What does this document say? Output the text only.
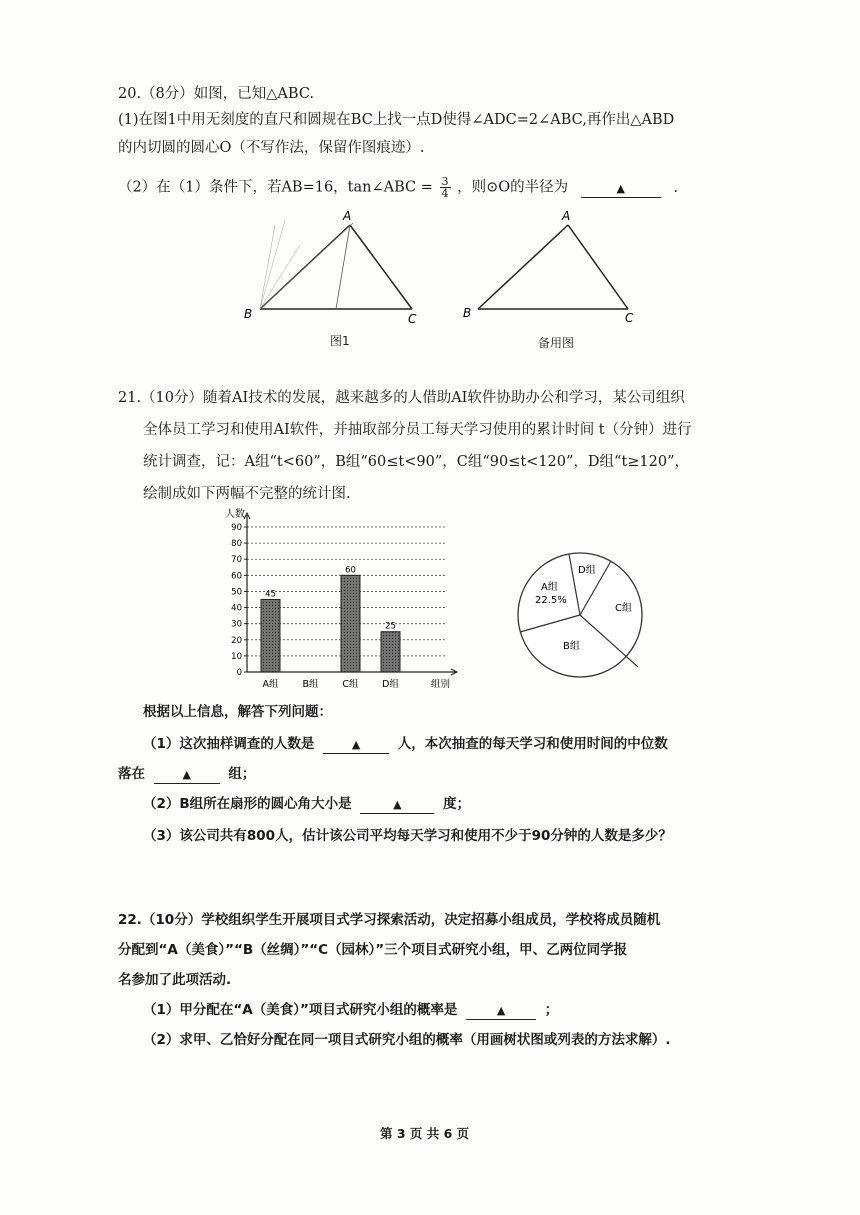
20.（8分）如图，已知△ABC.
(1)在图1中用无刻度的直尺和圆规在BC上找一点D使得∠ADC=2∠ABC,再作出△ABD
的内切圆的圆心O（不写作法，保留作图痕迹）.
（2）在（1）条件下，若AB=16，tan∠ABC = $\frac{3}{4}$ ，则⊙O的半径为	▲	.
A
B	C
图1
A
B	C
备用图
21.（10分）随着AI技术的发展，越来越多的人借助AI软件协助办公和学习，某公司组织
全体员工学习和使用AI软件，并抽取部分员工每天学习使用的累计时间 t（分钟）进行
统计调查，记：A组“t<60”，B组“60≤t<90”，C组“90≤t<120”，D组“t≥120”，
绘制成如下两幅不完整的统计图.
0
10
20
30
40
50
60
70
80
90
人数
组别
45
A组	B组
60
C组
25
D组
A组
22.5%
D组
C组
B组
根据以上信息，解答下列问题：
（1）这次抽样调查的人数是	▲	人，本次抽查的每天学习和使用时间的中位数
落在	▲	组；
（2）B组所在扇形的圆心角大小是	▲	度；
（3）该公司共有800人，估计该公司平均每天学习和使用不少于90分钟的人数是多少？
22.（10分）学校组织学生开展项目式学习探索活动，决定招募小组成员，学校将成员随机
分配到“A（美食）”“B（丝绸）”“C（园林）”三个项目式研究小组，甲、乙两位同学报
名参加了此项活动.
（1）甲分配在“A（美食）”项目式研究小组的概率是	▲	；
（2）求甲、乙恰好分配在同一项目式研究小组的概率（用画树状图或列表的方法求解）.
第 3 页 共 6 页
